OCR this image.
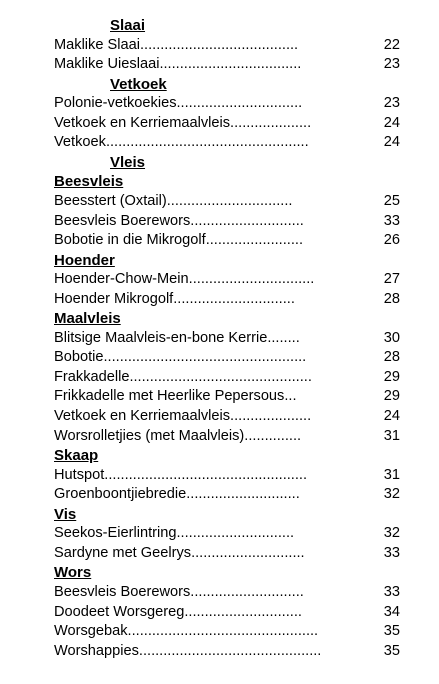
Slaai
Maklike Slaai.......................................	22
Maklike Uieslaai...................................	23
Vetkoek
Polonie-vetkoekies...............................	23
Vetkoek en Kerriemaalvleis....................	24
Vetkoek..................................................	24
Vleis
Beesvleis
Beesstert (Oxtail)...............................	25
Beesvleis Boerewors............................	33
Bobotie in die Mikrogolf........................	26
Hoender
Hoender-Chow-Mein...............................	27
Hoender Mikrogolf..............................	28
Maalvleis
Blitsige Maalvleis-en-bone Kerrie........	30
Bobotie..................................................	28
Frakkadelle.............................................	29
Frikkadelle met Heerlike Pepersous...	29
Vetkoek en Kerriemaalvleis....................	24
Worsrolletjies (met Maalvleis)..............	31
Skaap
Hutspot..................................................	31
Groenboontjiebredie............................	32
Vis
Seekos-Eierlintring.............................	32
Sardyne met Geelrys............................	33
Wors
Beesvleis Boerewors............................	33
Doodeet Worsgereg.............................	34
Worsgebak...............................................	35
Worshappies.............................................	35
